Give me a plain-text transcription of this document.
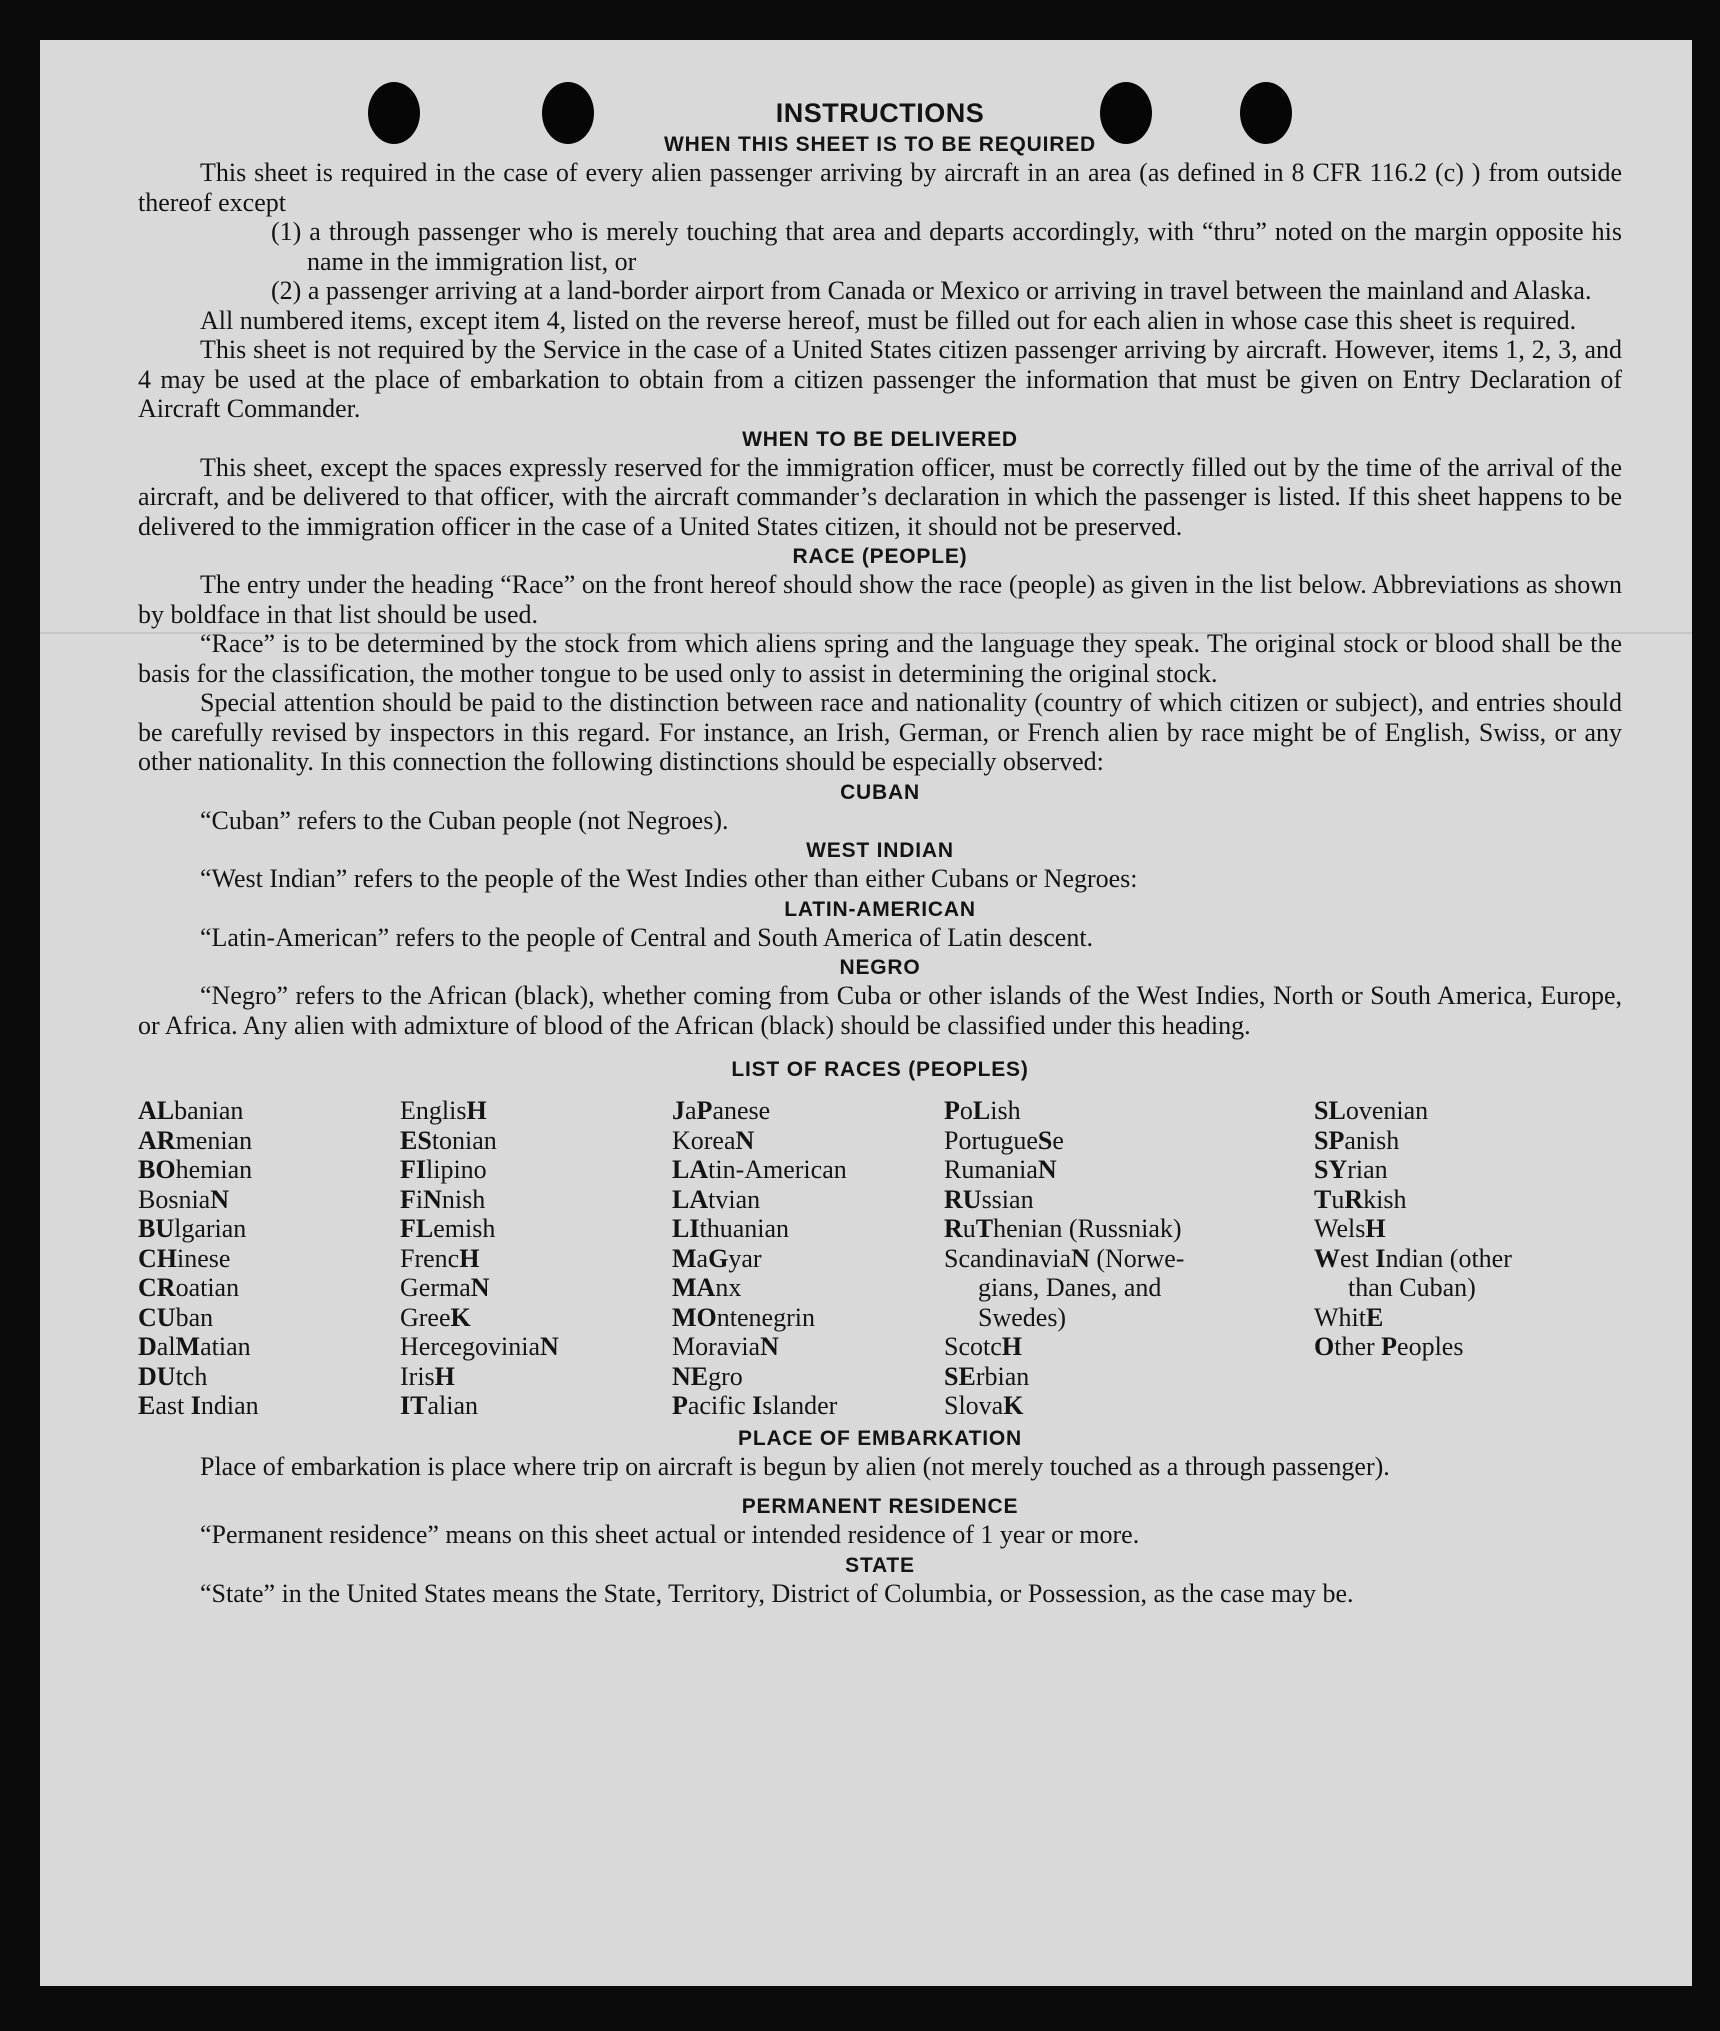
INSTRUCTIONS
WHEN THIS SHEET IS TO BE REQUIRED

This sheet is required in the case of every alien passenger arriving by aircraft in an area (as defined in 8 CFR 116.2 (c) ) from outside thereof except

(1) a through passenger who is merely touching that area and departs accordingly, with “thru” noted on the margin opposite his name in the immigration list, or
(2) a passenger arriving at a land-border airport from Canada or Mexico or arriving in travel between the mainland and Alaska.

All numbered items, except item 4, listed on the reverse hereof, must be filled out for each alien in whose case this sheet is required.

This sheet is not required by the Service in the case of a United States citizen passenger arriving by aircraft. However, items 1, 2, 3, and 4 may be used at the place of embarkation to obtain from a citizen passenger the information that must be given on Entry Declaration of Aircraft Commander.

WHEN TO BE DELIVERED

This sheet, except the spaces expressly reserved for the immigration officer, must be correctly filled out by the time of the arrival of the aircraft, and be delivered to that officer, with the aircraft commander’s declaration in which the passenger is listed. If this sheet happens to be delivered to the immigration officer in the case of a United States citizen, it should not be preserved.

RACE (PEOPLE)

The entry under the heading “Race” on the front hereof should show the race (people) as given in the list below. Abbreviations as shown by boldface in that list should be used.

“Race” is to be determined by the stock from which aliens spring and the language they speak. The original stock or blood shall be the basis for the classification, the mother tongue to be used only to assist in determining the original stock.

Special attention should be paid to the distinction between race and nationality (country of which citizen or subject), and entries should be carefully revised by inspectors in this regard. For instance, an Irish, German, or French alien by race might be of English, Swiss, or any other nationality. In this connection the following distinctions should be especially observed:

CUBAN

“Cuban” refers to the Cuban people (not Negroes).

WEST INDIAN

“West Indian” refers to the people of the West Indies other than either Cubans or Negroes:

LATIN-AMERICAN

“Latin-American” refers to the people of Central and South America of Latin descent.

NEGRO

“Negro” refers to the African (black), whether coming from Cuba or other islands of the West Indies, North or South America, Europe, or Africa. Any alien with admixture of blood of the African (black) should be classified under this heading.

LIST OF RACES (PEOPLES)
ALbanian
ARmenian
BOhemian
BosniaN
BUlgarian
CHinese
CRoatian
CUban
DalMatian
DUtch
East Indian
EnglisH
EStonian
FIlipino
FiNnish
FLemish
FrencH
GermaN
GreeK
HercegoviniaN
IrisH
ITalian
JaPanese
KoreaN
LAtin-American
LAtvian
LIthuanian
MaGyar
MAnx
MOntenegrin
MoraviaN
NEgro
Pacific Islander
PoLish
PortugueSe
RumaniaN
RUssian
RuThenian (Russniak)
ScandinaviaN (Norwe-
gians, Danes, and
Swedes)
ScotcH
SErbian
SlovaK
SLovenian
SPanish
SYrian
TuRkish
WelsH
West Indian (other
than Cuban)
WhitE
Other Peoples
PLACE OF EMBARKATION

Place of embarkation is place where trip on aircraft is begun by alien (not merely touched as a through passenger).

PERMANENT RESIDENCE

“Permanent residence” means on this sheet actual or intended residence of 1 year or more.

STATE

“State” in the United States means the State, Territory, District of Columbia, or Possession, as the case may be.
